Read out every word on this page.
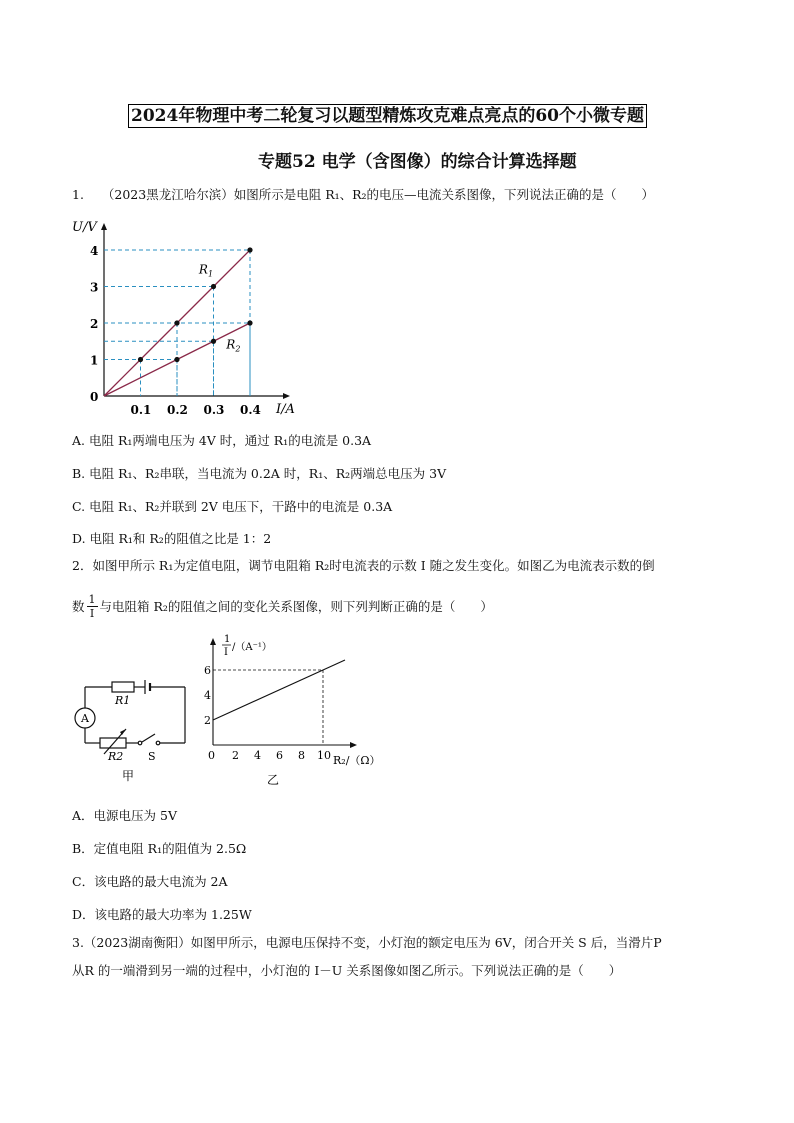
2024年物理中考二轮复习以题型精炼攻克难点亮点的60个小微专题
专题52 电学（含图像）的综合计算选择题
1. （2023黑龙江哈尔滨）如图所示是电阻 R₁、R₂的电压—电流关系图像，下列说法正确的是（　　）
U/V
I/A
0
1
2
3
4
0.1 0.2 0.3 0.4
$R_1$
$R_2$
A. 电阻 R₁两端电压为 4V 时，通过 R₁的电流是 0.3A
B. 电阻 R₁、R₂串联，当电流为 0.2A 时，R₁、R₂两端总电压为 3V
C. 电阻 R₁、R₂并联到 2V 电压下，干路中的电流是 0.3A
D. 电阻 R₁和 R₂的阻值之比是 1：2
2．如图甲所示 R₁为定值电阻，调节电阻箱 R₂时电流表的示数 I 随之发生变化。如图乙为电流表示数的倒
数 $\frac{1}{I}$ 与电阻箱 R₂的阻值之间的变化关系图像，则下列判断正确的是（　　）
A
R1
R2 S
甲
1
I /（A⁻¹）
0
2
4
6
2 4 6 8 10 R₂/（Ω）
乙
A．电源电压为 5V
B．定值电阻 R₁的阻值为 2.5Ω
C．该电路的最大电流为 2A
D．该电路的最大功率为 1.25W
3.（2023湖南衡阳）如图甲所示，电源电压保持不变，小灯泡的额定电压为 6V，闭合开关 S 后，当滑片P
从R 的一端滑到另一端的过程中，小灯泡的 I－U 关系图像如图乙所示。下列说法正确的是（　　）
